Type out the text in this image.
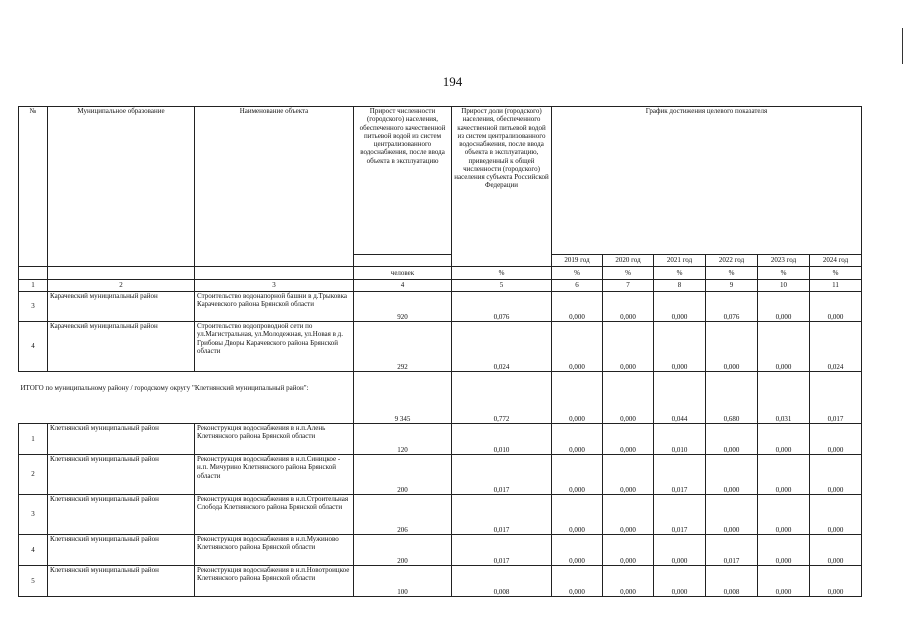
194
№	Муниципальное образование	Наименование объекта	Прирост численности (городского) населения, обеспеченного качественной питьевой водой из систем централизованного водоснабжения, после ввода объекта в эксплуатацию	Прирост доли (городского) населения, обеспеченного качественной питьевой водой из систем централизованного водоснабжения, после ввода объекта в эксплуатацию, приведенный к общей численности (городского) населения субъекта Российской Федерации	График достижения целевого показателя					
					2019 год	2020 год	2021 год	2022 год	2023 год	2024 год
			человек	%	%	%	%	%	%	%
1	2	3	4	5	6	7	8	9	10	11
3	Карачевский муниципальный район	Строительство водонапорной башни в д.Трыковка Карачевского района Брянской области	920	0,076	0,000	0,000	0,000	0,076	0,000	0,000
4	Карачевский муниципальный район	Строительство водопроводной сети по ул.Магистральная, ул.Молодежная, ул.Новая в д. Грибовы Дворы Карачевского района Брянской области	292	0,024	0,000	0,000	0,000	0,000	0,000	0,024
ИТОГО по муниципальному району / городскому округу "Клетнянский муниципальный район":			9 345	0,772	0,000	0,000	0,044	0,680	0,031	0,017
1	Клетнянский муниципальный район	Реконструкция водоснабжения в н.п.Алень Клетнянского района Брянской области	120	0,010	0,000	0,000	0,010	0,000	0,000	0,000
2	Клетнянский муниципальный район	Реконструкция водоснабжения в н.п.Синицкое - н.п. Мичурино Клетнянского района Брянской области	200	0,017	0,000	0,000	0,017	0,000	0,000	0,000
3	Клетнянский муниципальный район	Реконструкция водоснабжения в н.п.Строительная Слобода Клетнянского района Брянской области	206	0,017	0,000	0,000	0,017	0,000	0,000	0,000
4	Клетнянский муниципальный район	Реконструкция водоснабжения в н.п.Мужиново Клетнянского района Брянской области	200	0,017	0,000	0,000	0,000	0,017	0,000	0,000
5	Клетнянский муниципальный район	Реконструкция водоснабжения в н.п.Новотроицкое Клетнянского района Брянской области	100	0,008	0,000	0,000	0,000	0,008	0,000	0,000
